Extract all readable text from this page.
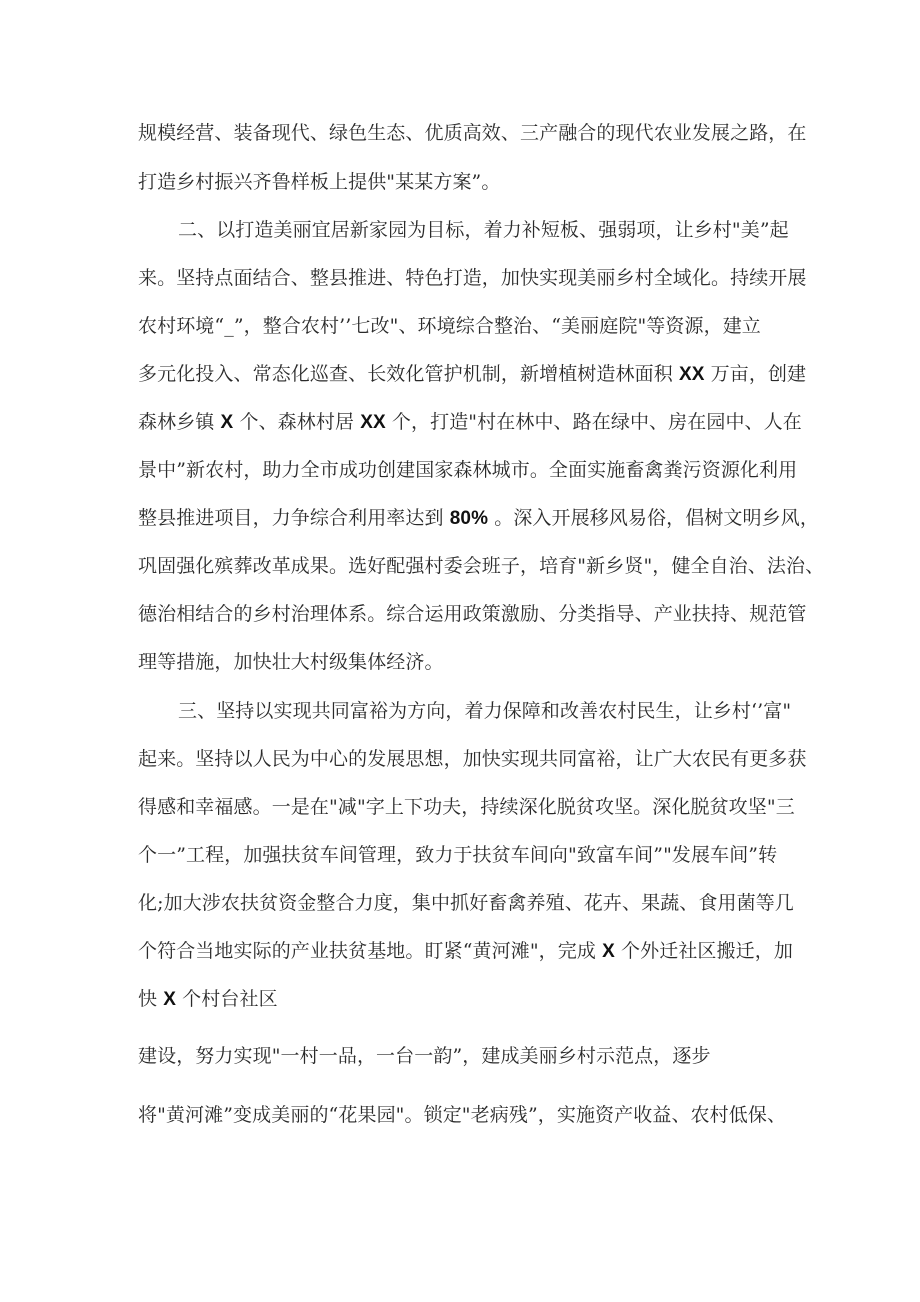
规模经营、装备现代、绿色生态、优质高效、三产融合的现代农业发展之路，在
打造乡村振兴齐鲁样板上提供"某某方案”。
二、以打造美丽宜居新家园为目标，着力补短板、强弱项，让乡村"美”起
来。坚持点面结合、整县推进、特色打造，加快实现美丽乡村全域化。持续开展
农村环境“_”，整合农村’’七改"、环境综合整治、“美丽庭院"等资源，建立
多元化投入、常态化巡查、长效化管护机制，新增植树造林面积 XX 万亩，创建
森林乡镇 X 个、森林村居 XX 个，打造"村在林中、路在绿中、房在园中、人在
景中”新农村，助力全市成功创建国家森林城市。全面实施畜禽粪污资源化利用
整县推进项目，力争综合利用率达到 80% 。深入开展移风易俗，倡树文明乡风，
巩固强化殡葬改革成果。选好配强村委会班子，培育"新乡贤"，健全自治、法治、
德治相结合的乡村治理体系。综合运用政策激励、分类指导、产业扶持、规范管
理等措施，加快壮大村级集体经济。
三、坚持以实现共同富裕为方向，着力保障和改善农村民生，让乡村‘’富"
起来。坚持以人民为中心的发展思想，加快实现共同富裕，让广大农民有更多获
得感和幸福感。一是在"减"字上下功夫，持续深化脱贫攻坚。深化脱贫攻坚"三
个一”工程，加强扶贫车间管理，致力于扶贫车间向"致富车间”"发展车间”转
化;加大涉农扶贫资金整合力度，集中抓好畜禽养殖、花卉、果蔬、食用菌等几
个符合当地实际的产业扶贫基地。盯紧“黄河滩"，完成 X 个外迁社区搬迁，加
快 X 个村台社区
建设，努力实现"一村一品，一台一韵”，建成美丽乡村示范点，逐步
将"黄河滩”变成美丽的“花果园"。锁定"老病残”，实施资产收益、农村低保、
